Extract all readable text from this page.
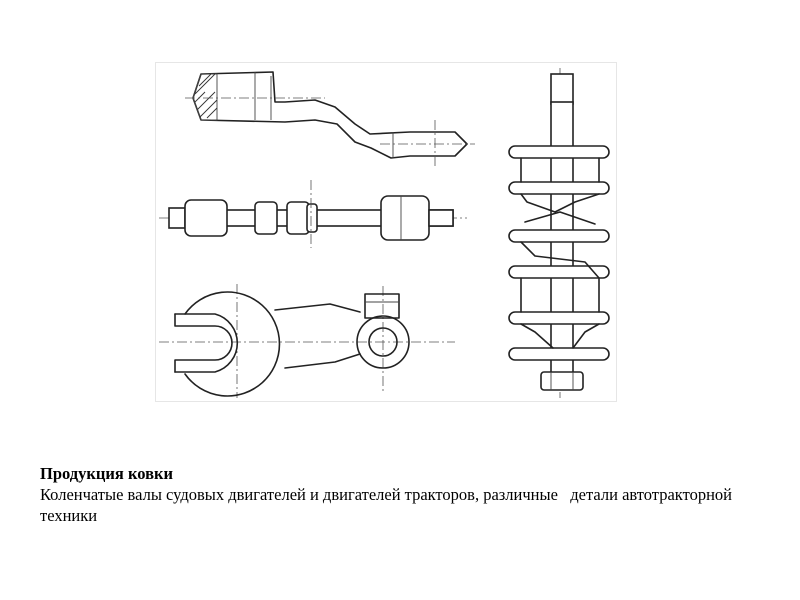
Продукция ковки
Коленчатые валы судовых двигателей и двигателей тракторов, различные   детали автотракторной техники
